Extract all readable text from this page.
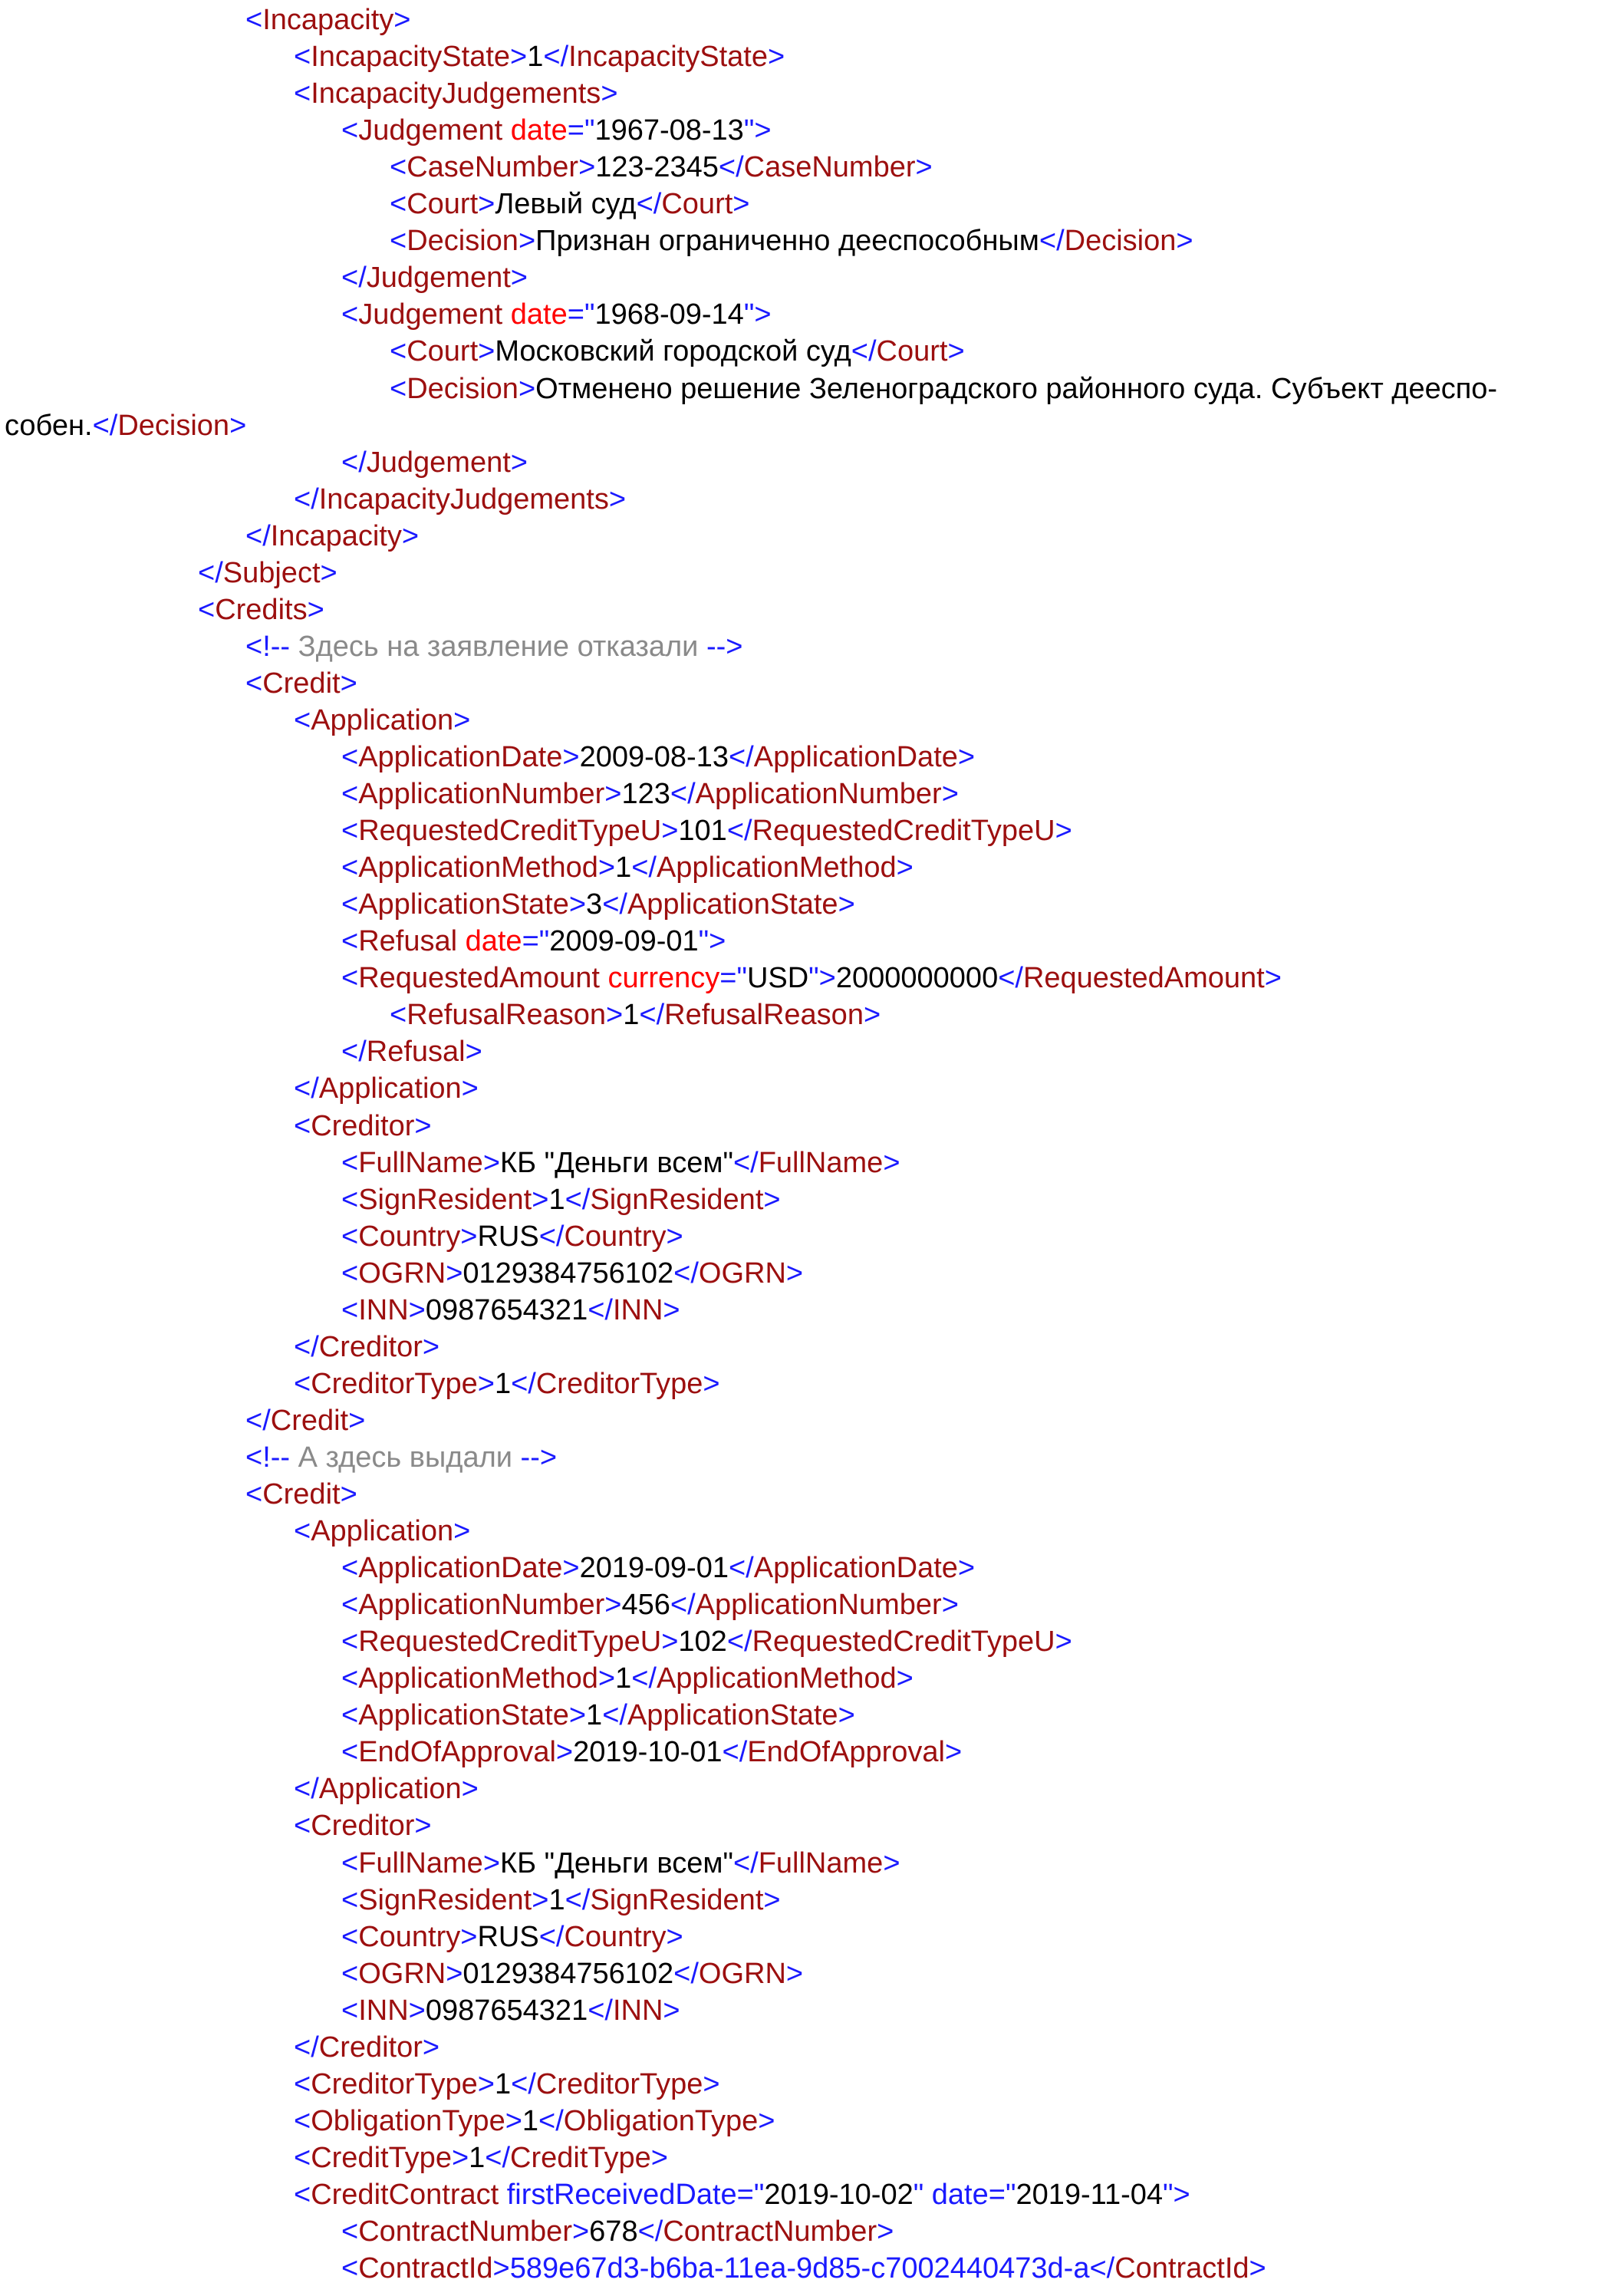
<Incapacity>
<IncapacityState>1</IncapacityState>
<IncapacityJudgements>
<Judgement date="1967-08-13">
<CaseNumber>123-2345</CaseNumber>
<Court>Левый суд</Court>
<Decision>Признан ограниченно дееспособным</Decision>
</Judgement>
<Judgement date="1968-09-14">
<Court>Московский городской суд</Court>
<Decision>Отменено решение Зеленоградского районного суда. Субъект дееспо-
собен.</Decision>
</Judgement>
</IncapacityJudgements>
</Incapacity>
</Subject>
<Credits>
<!-- Здесь на заявление отказали -->
<Credit>
<Application>
<ApplicationDate>2009-08-13</ApplicationDate>
<ApplicationNumber>123</ApplicationNumber>
<RequestedCreditTypeU>101</RequestedCreditTypeU>
<ApplicationMethod>1</ApplicationMethod>
<ApplicationState>3</ApplicationState>
<Refusal date="2009-09-01">
<RequestedAmount currency="USD">2000000000</RequestedAmount>
<RefusalReason>1</RefusalReason>
</Refusal>
</Application>
<Creditor>
<FullName>КБ "Деньги всем"</FullName>
<SignResident>1</SignResident>
<Country>RUS</Country>
<OGRN>0129384756102</OGRN>
<INN>0987654321</INN>
</Creditor>
<CreditorType>1</CreditorType>
</Credit>
<!-- А здесь выдали -->
<Credit>
<Application>
<ApplicationDate>2019-09-01</ApplicationDate>
<ApplicationNumber>456</ApplicationNumber>
<RequestedCreditTypeU>102</RequestedCreditTypeU>
<ApplicationMethod>1</ApplicationMethod>
<ApplicationState>1</ApplicationState>
<EndOfApproval>2019-10-01</EndOfApproval>
</Application>
<Creditor>
<FullName>КБ "Деньги всем"</FullName>
<SignResident>1</SignResident>
<Country>RUS</Country>
<OGRN>0129384756102</OGRN>
<INN>0987654321</INN>
</Creditor>
<CreditorType>1</CreditorType>
<ObligationType>1</ObligationType>
<CreditType>1</CreditType>
<CreditContract firstReceivedDate="2019-10-02" date="2019-11-04">
<ContractNumber>678</ContractNumber>
<ContractId>589e67d3-b6ba-11ea-9d85-c7002440473d-a</ContractId>
